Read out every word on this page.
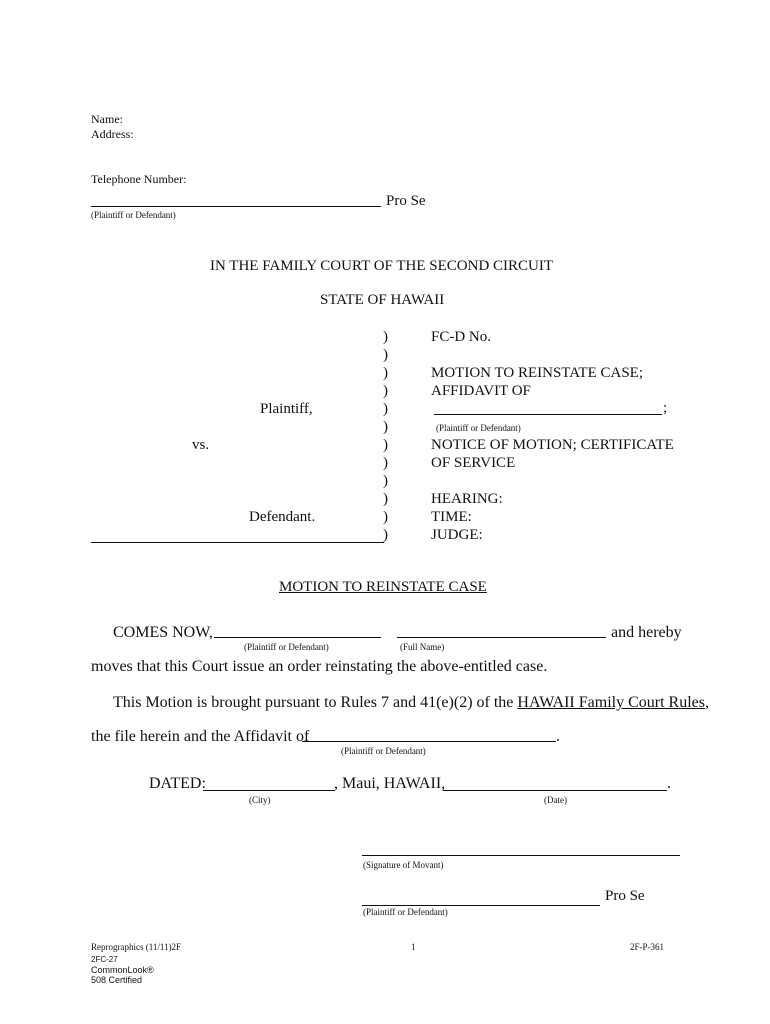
Name:
Address:
Telephone Number:
Pro Se
(Plaintiff or Defendant)
IN THE FAMILY COURT OF THE SECOND CIRCUIT
STATE OF HAWAII
)
)
)
)
)
)
)
)
)
)
)
)
Plaintiff,
vs.
Defendant.
FC-D No.
MOTION TO REINSTATE CASE;
AFFIDAVIT OF
;
(Plaintiff or Defendant)
NOTICE OF MOTION; CERTIFICATE
OF SERVICE
HEARING:
TIME:
JUDGE:
MOTION TO REINSTATE CASE
COMES NOW,	and hereby
(Plaintiff or Defendant)	(Full Name)
moves that this Court issue an order reinstating the above-entitled case.
This Motion is brought pursuant to Rules 7 and 41(e)(2) of the HAWAII Family Court Rules,
the file herein and the Affidavit of	.
(Plaintiff or Defendant)
DATED:	, Maui, HAWAII,	.
(City)	(Date)
(Signature of Movant)
Pro Se
(Plaintiff or Defendant)
Reprographics (11/11)2F
2FC-27
1	2F-P-361
CommonLook®
508 Certified
